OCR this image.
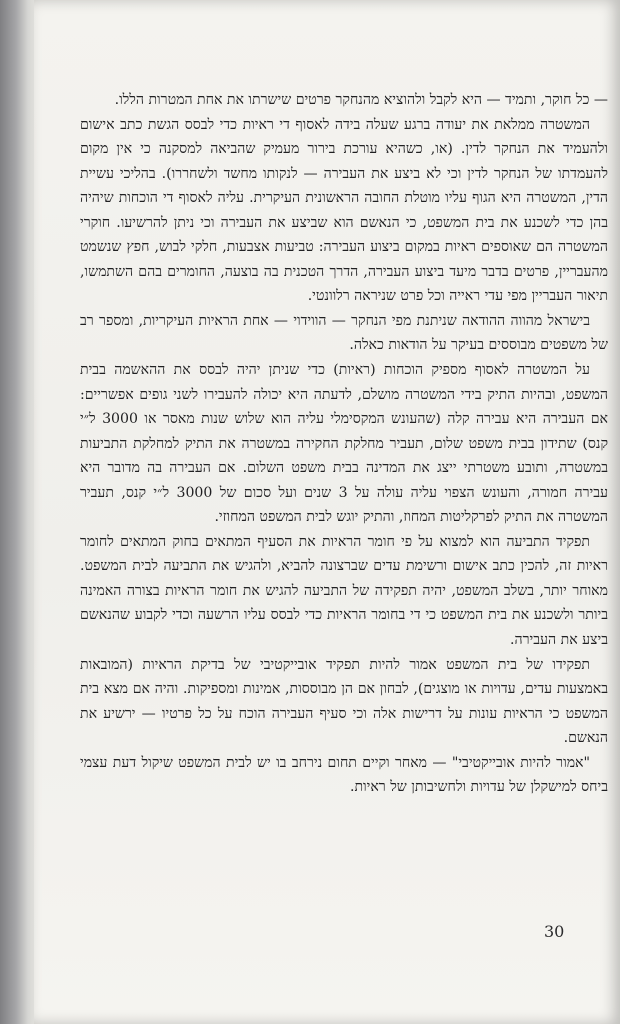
— כל חוקר, ותמיד — היא לקבל ולהוציא מהנחקר פרטים שישרתו את אחת המטרות הללו.

המשטרה ממלאת את יעודה ברגע שעלה בידה לאסוף די ראיות כדי לבסס הגשת כתב אישום ולהעמיד את הנחקר לדין. (או, כשהיא עורכת בירור מעמיק שהביאה למסקנה כי אין מקום להעמדתו של הנחקר לדין וכי לא ביצע את העבירה — לנקותו מחשד ולשחררו). בהליכי עשיית הדין, המשטרה היא הגוף עליו מוטלת החובה הראשונית העיקרית. עליה לאסוף די הוכחות שיהיה בהן כדי לשכנע את בית המשפט, כי הנאשם הוא שביצע את העבירה וכי ניתן להרשיעו. חוקרי המשטרה הם שאוספים ראיות במקום ביצוע העבירה: טביעות אצבעות, חלקי לבוש, חפץ שנשמט מהעבריין, פרטים בדבר מיעד ביצוע העבירה, הדרך הטכנית בה בוצעה, החומרים בהם השתמשו, תיאור העבריין מפי עדי ראייה וכל פרט שניראה רלוונטי.

בישראל מהווה ההודאה שניתנת מפי הנחקר — הווידוי — אחת הראיות העיקריות, ומספר רב של משפטים מבוססים בעיקר על הודאות כאלה.

על המשטרה לאסוף מספיק הוכחות (ראיות) כדי שניתן יהיה לבסס את ההאשמה בבית המשפט, ובהיות התיק בידי המשטרה מושלם, לדעתה היא יכולה להעבירו לשני גופים אפשריים: אם העבירה היא עבירה קלה (שהעונש המקסימלי עליה הוא שלוש שנות מאסר או 3000 ל״י קנס) שתידון בבית משפט שלום, תעביר מחלקת החקירה במשטרה את התיק למחלקת התביעות במשטרה, ותובע משטרתי ייצג את המדינה בבית משפט השלום. אם העבירה בה מדובר היא עבירה חמורה, והעונש הצפוי עליה עולה על 3 שנים ועל סכום של 3000 ל״י קנס, תעביר המשטרה את התיק לפרקליטות המחוז, והתיק יוגש לבית המשפט המחוזי.

תפקיד התביעה הוא למצוא על פי חומר הראיות את הסעיף המתאים בחוק המתאים לחומר ראיות זה, להכין כתב אישום ורשימת עדים שברצונה להביא, ולהגיש את התביעה לבית המשפט. מאוחר יותר, בשלב המשפט, יהיה תפקידה של התביעה להגיש את חומר הראיות בצורה האמינה ביותר ולשכנע את בית המשפט כי די בחומר הראיות כדי לבסס עליו הרשעה וכדי לקבוע שהנאשם ביצע את העבירה.

תפקידו של בית המשפט אמור להיות תפקיד אובייקטיבי של בדיקת הראיות (המובאות באמצעות עדים, עדויות או מוצגים), לבחון אם הן מבוססות, אמינות ומספיקות. והיה אם מצא בית המשפט כי הראיות עונות על דרישות אלה וכי סעיף העבירה הוכח על כל פרטיו — ירשיע את הנאשם.

"אמור להיות אובייקטיבי" — מאחר וקיים תחום נירחב בו יש לבית המשפט שיקול דעת עצמי ביחס למישקלן של עדויות ולחשיבותן של ראיות.

30
